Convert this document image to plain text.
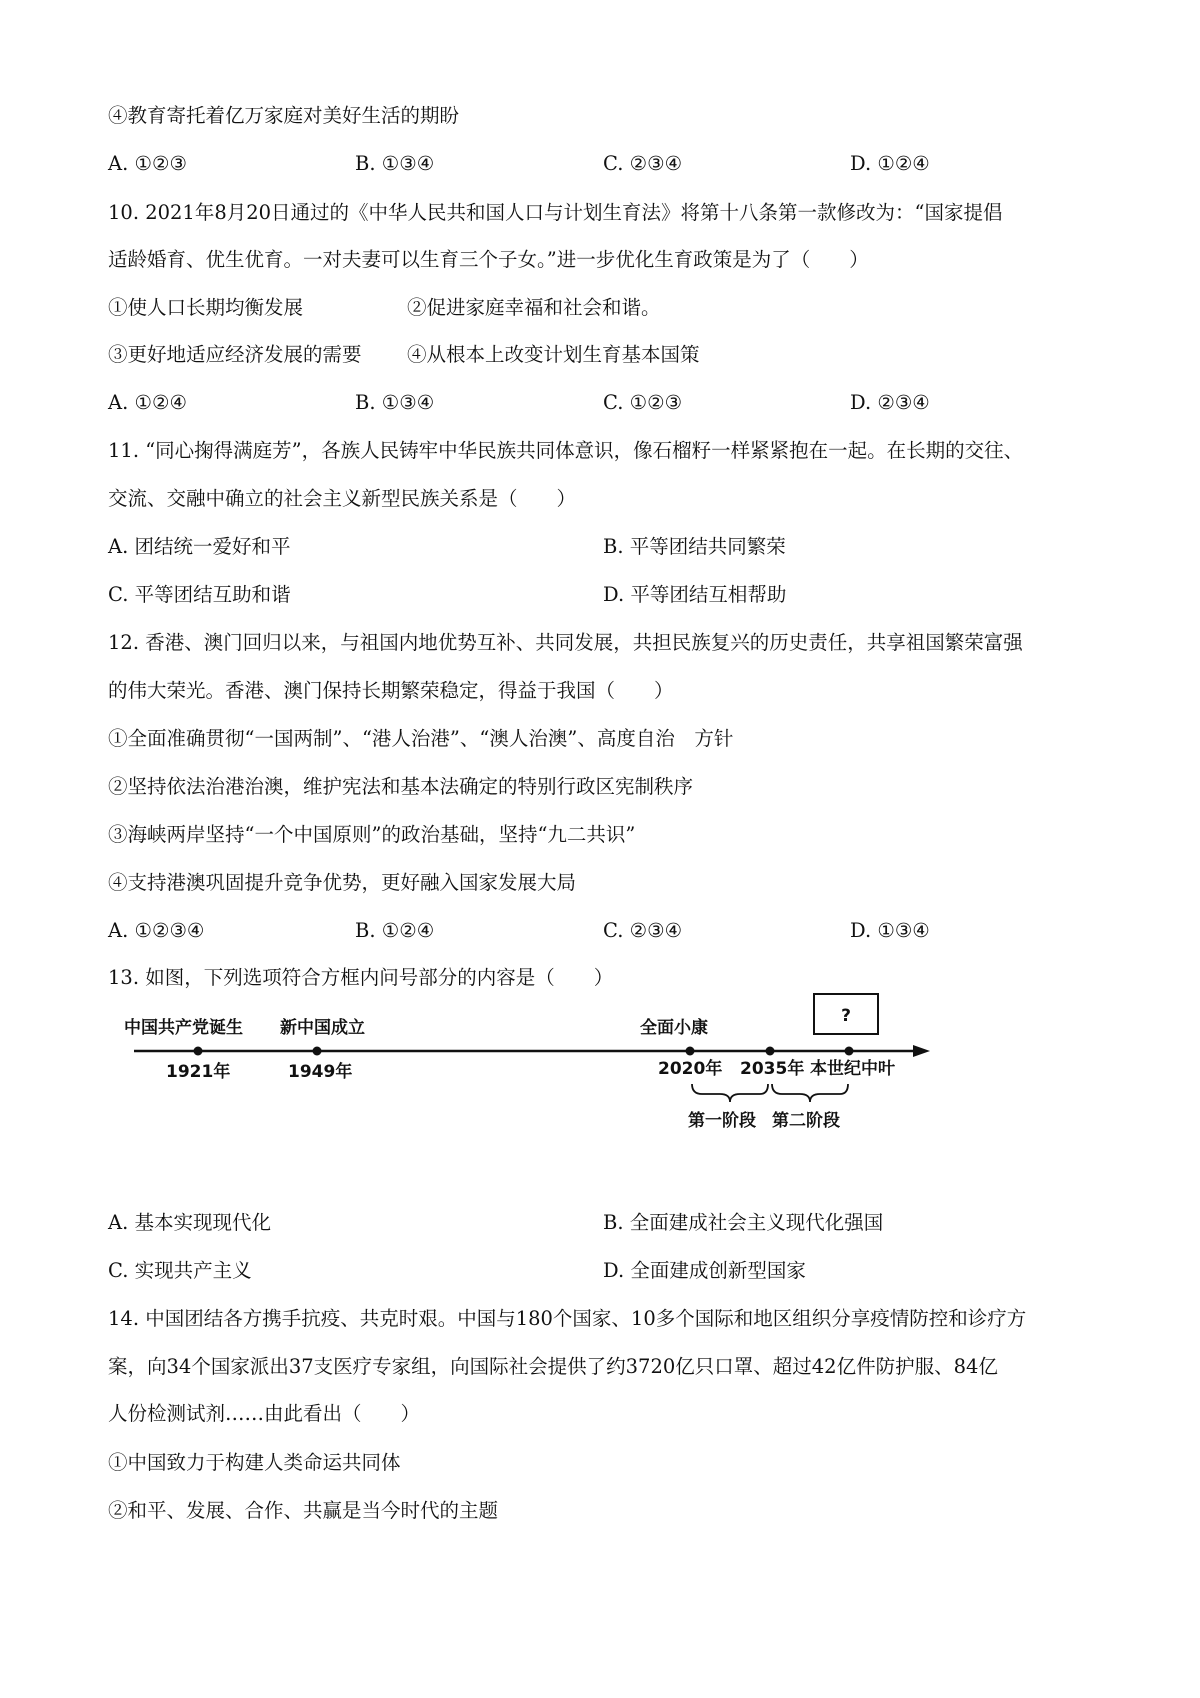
④教育寄托着亿万家庭对美好生活的期盼
A. ①②③	B. ①③④	C. ②③④	D. ①②④
10. 2021年8月20日通过的《中华人民共和国人口与计划生育法》将第十八条第一款修改为：“国家提倡
适龄婚育、优生优育。一对夫妻可以生育三个子女。”进一步优化生育政策是为了（　　）
①使人口长期均衡发展	②促进家庭幸福和社会和谐。
③更好地适应经济发展的需要 ④从根本上改变计划生育基本国策
A. ①②④	B. ①③④	C. ①②③	D. ②③④
11. “同心掬得满庭芳”，各族人民铸牢中华民族共同体意识，像石榴籽一样紧紧抱在一起。在长期的交往、
交流、交融中确立的社会主义新型民族关系是（　　）
A. 团结统一爱好和平	B. 平等团结共同繁荣
C. 平等团结互助和谐	D. 平等团结互相帮助
12. 香港、澳门回归以来，与祖国内地优势互补、共同发展，共担民族复兴的历史责任，共享祖国繁荣富强
的伟大荣光。香港、澳门保持长期繁荣稳定，得益于我国（　　）
①全面准确贯彻“一国两制”、“港人治港”、“澳人治澳”、高度自治　方针
②坚持依法治港治澳，维护宪法和基本法确定的特别行政区宪制秩序
③海峡两岸坚持“一个中国原则”的政治基础，坚持“九二共识”
④支持港澳巩固提升竞争优势，更好融入国家发展大局
A. ①②③④	B. ①②④	C. ②③④	D. ①③④
13. 如图，下列选项符合方框内问号部分的内容是（　　）
中国共产党诞生 新中国成立	全面小康
?
1921年	1949年	2020年 2035年 本世纪中叶
第一阶段 第二阶段
A. 基本实现现代化	B. 全面建成社会主义现代化强国
C. 实现共产主义	D. 全面建成创新型国家
14. 中国团结各方携手抗疫、共克时艰。中国与180个国家、10多个国际和地区组织分享疫情防控和诊疗方
案，向34个国家派出37支医疗专家组，向国际社会提供了约3720亿只口罩、超过42亿件防护服、84亿
人份检测试剂……由此看出（　　）
①中国致力于构建人类命运共同体
②和平、发展、合作、共赢是当今时代的主题
